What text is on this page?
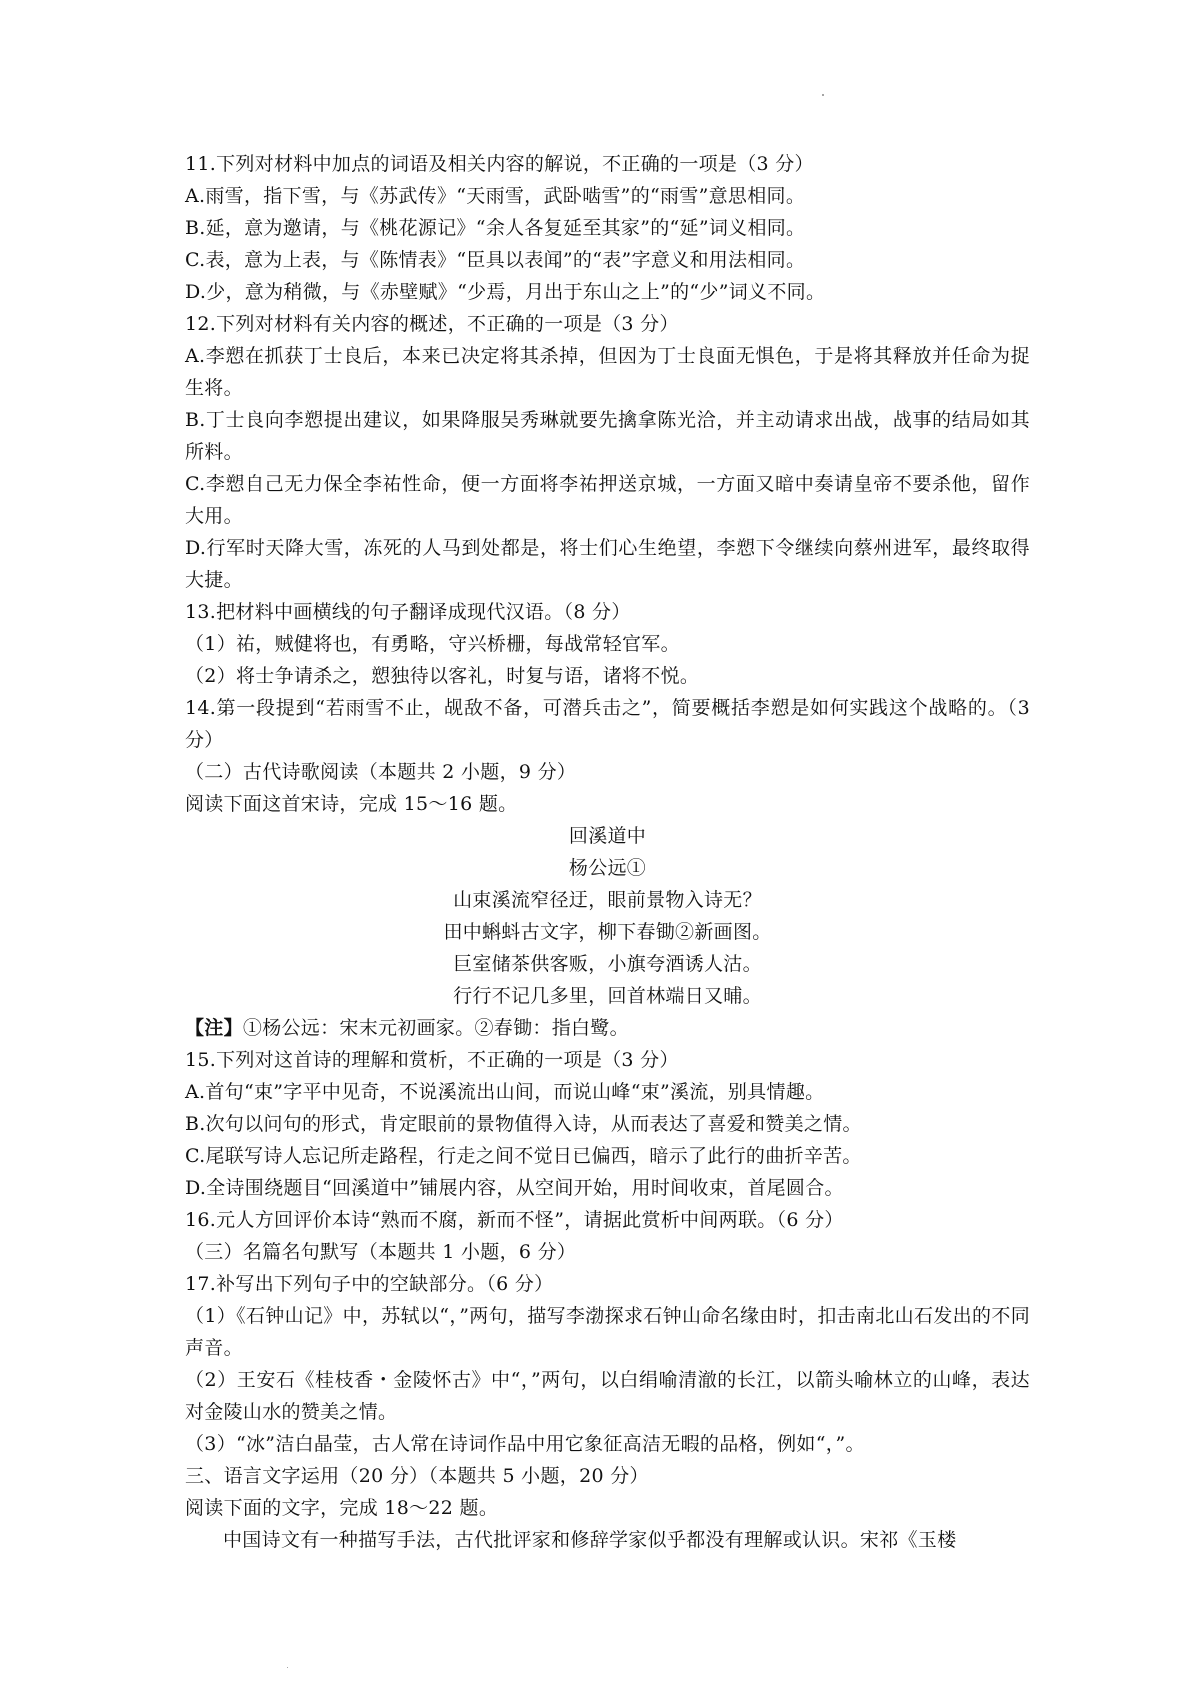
11.下列对材料中加点的词语及相关内容的解说，不正确的一项是（3 分）
A.雨雪，指下雪，与《苏武传》“天雨雪，武卧啮雪”的“雨雪”意思相同。
B.延，意为邀请，与《桃花源记》“余人各复延至其家”的“延”词义相同。
C.表，意为上表，与《陈情表》“臣具以表闻”的“表”字意义和用法相同。
D.少，意为稍微，与《赤壁赋》“少焉，月出于东山之上”的“少”词义不同。
12.下列对材料有关内容的概述，不正确的一项是（3 分）
A.李愬在抓获丁士良后，本来已决定将其杀掉，但因为丁士良面无惧色，于是将其释放并任命为捉生将。
B.丁士良向李愬提出建议，如果降服吴秀琳就要先擒拿陈光洽，并主动请求出战，战事的结局如其所料。
C.李愬自己无力保全李祐性命，便一方面将李祐押送京城，一方面又暗中奏请皇帝不要杀他，留作大用。
D.行军时天降大雪，冻死的人马到处都是，将士们心生绝望，李愬下令继续向蔡州进军，最终取得大捷。
13.把材料中画横线的句子翻译成现代汉语。（8 分）
（1）祐，贼健将也，有勇略，守兴桥栅，每战常轻官军。
（2）将士争请杀之，愬独待以客礼，时复与语，诸将不悦。
14.第一段提到“若雨雪不止，觇敌不备，可潜兵击之”，简要概括李愬是如何实践这个战略的。（3 分）
（二）古代诗歌阅读（本题共 2 小题，9 分）
阅读下面这首宋诗，完成 15～16 题。
回溪道中
杨公远①
山束溪流窄径迂，眼前景物入诗无？
田中蝌蚪古文字，柳下春锄②新画图。
巨室储茶供客贩，小旗夸酒诱人沽。
行行不记几多里，回首林端日又晡。
【注】①杨公远：宋末元初画家。②春锄：指白鹭。
15.下列对这首诗的理解和赏析，不正确的一项是（3 分）
A.首句“束”字平中见奇，不说溪流出山间，而说山峰“束”溪流，别具情趣。
B.次句以问句的形式，肯定眼前的景物值得入诗，从而表达了喜爱和赞美之情。
C.尾联写诗人忘记所走路程，行走之间不觉日已偏西，暗示了此行的曲折辛苦。
D.全诗围绕题目“回溪道中”铺展内容，从空间开始，用时间收束，首尾圆合。
16.元人方回评价本诗“熟而不腐，新而不怪”，请据此赏析中间两联。（6 分）
（三）名篇名句默写（本题共 1 小题，6 分）
17.补写出下列句子中的空缺部分。（6 分）
（1）《石钟山记》中，苏轼以“，”两句，描写李渤探求石钟山命名缘由时，扣击南北山石发出的不同声音。
（2）王安石《桂枝香・金陵怀古》中“，”两句，以白绢喻清澈的长江，以箭头喻林立的山峰，表达对金陵山水的赞美之情。
（3）“冰”洁白晶莹，古人常在诗词作品中用它象征高洁无暇的品格，例如“，”。
三、语言文字运用（20 分）（本题共 5 小题，20 分）
阅读下面的文字，完成 18～22 题。
中国诗文有一种描写手法，古代批评家和修辞学家似乎都没有理解或认识。宋祁《玉楼
